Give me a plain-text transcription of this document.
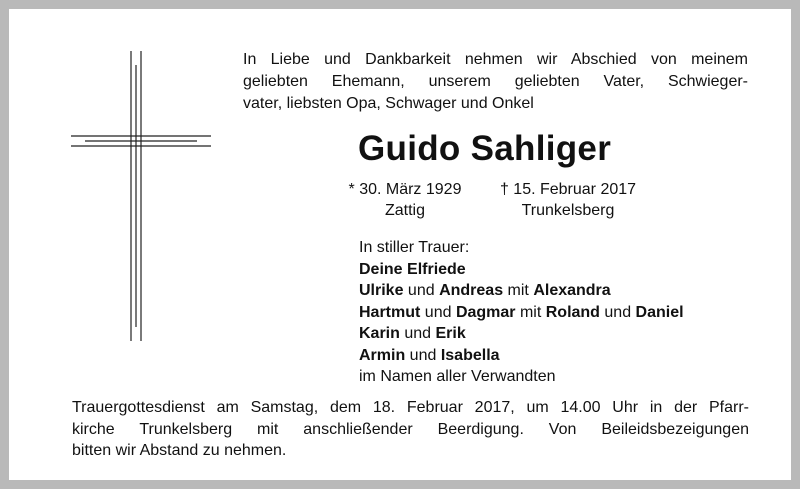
In Liebe und Dankbarkeit nehmen wir Abschied von meinem
geliebten Ehemann, unserem geliebten Vater, Schwieger-
vater, liebsten Opa, Schwager und Onkel
Guido Sahliger
* 30. März 1929
Zattig
† 15. Februar 2017
Trunkelsberg
In stiller Trauer:
Deine Elfriede
Ulrike und Andreas mit Alexandra
Hartmut und Dagmar mit Roland und Daniel
Karin und Erik
Armin und Isabella
im Namen aller Verwandten
Trauergottesdienst am Samstag, dem 18. Februar 2017, um 14.00 Uhr in der Pfarr-
kirche Trunkelsberg mit anschließender Beerdigung. Von Beileidsbezeigungen
bitten wir Abstand zu nehmen.
